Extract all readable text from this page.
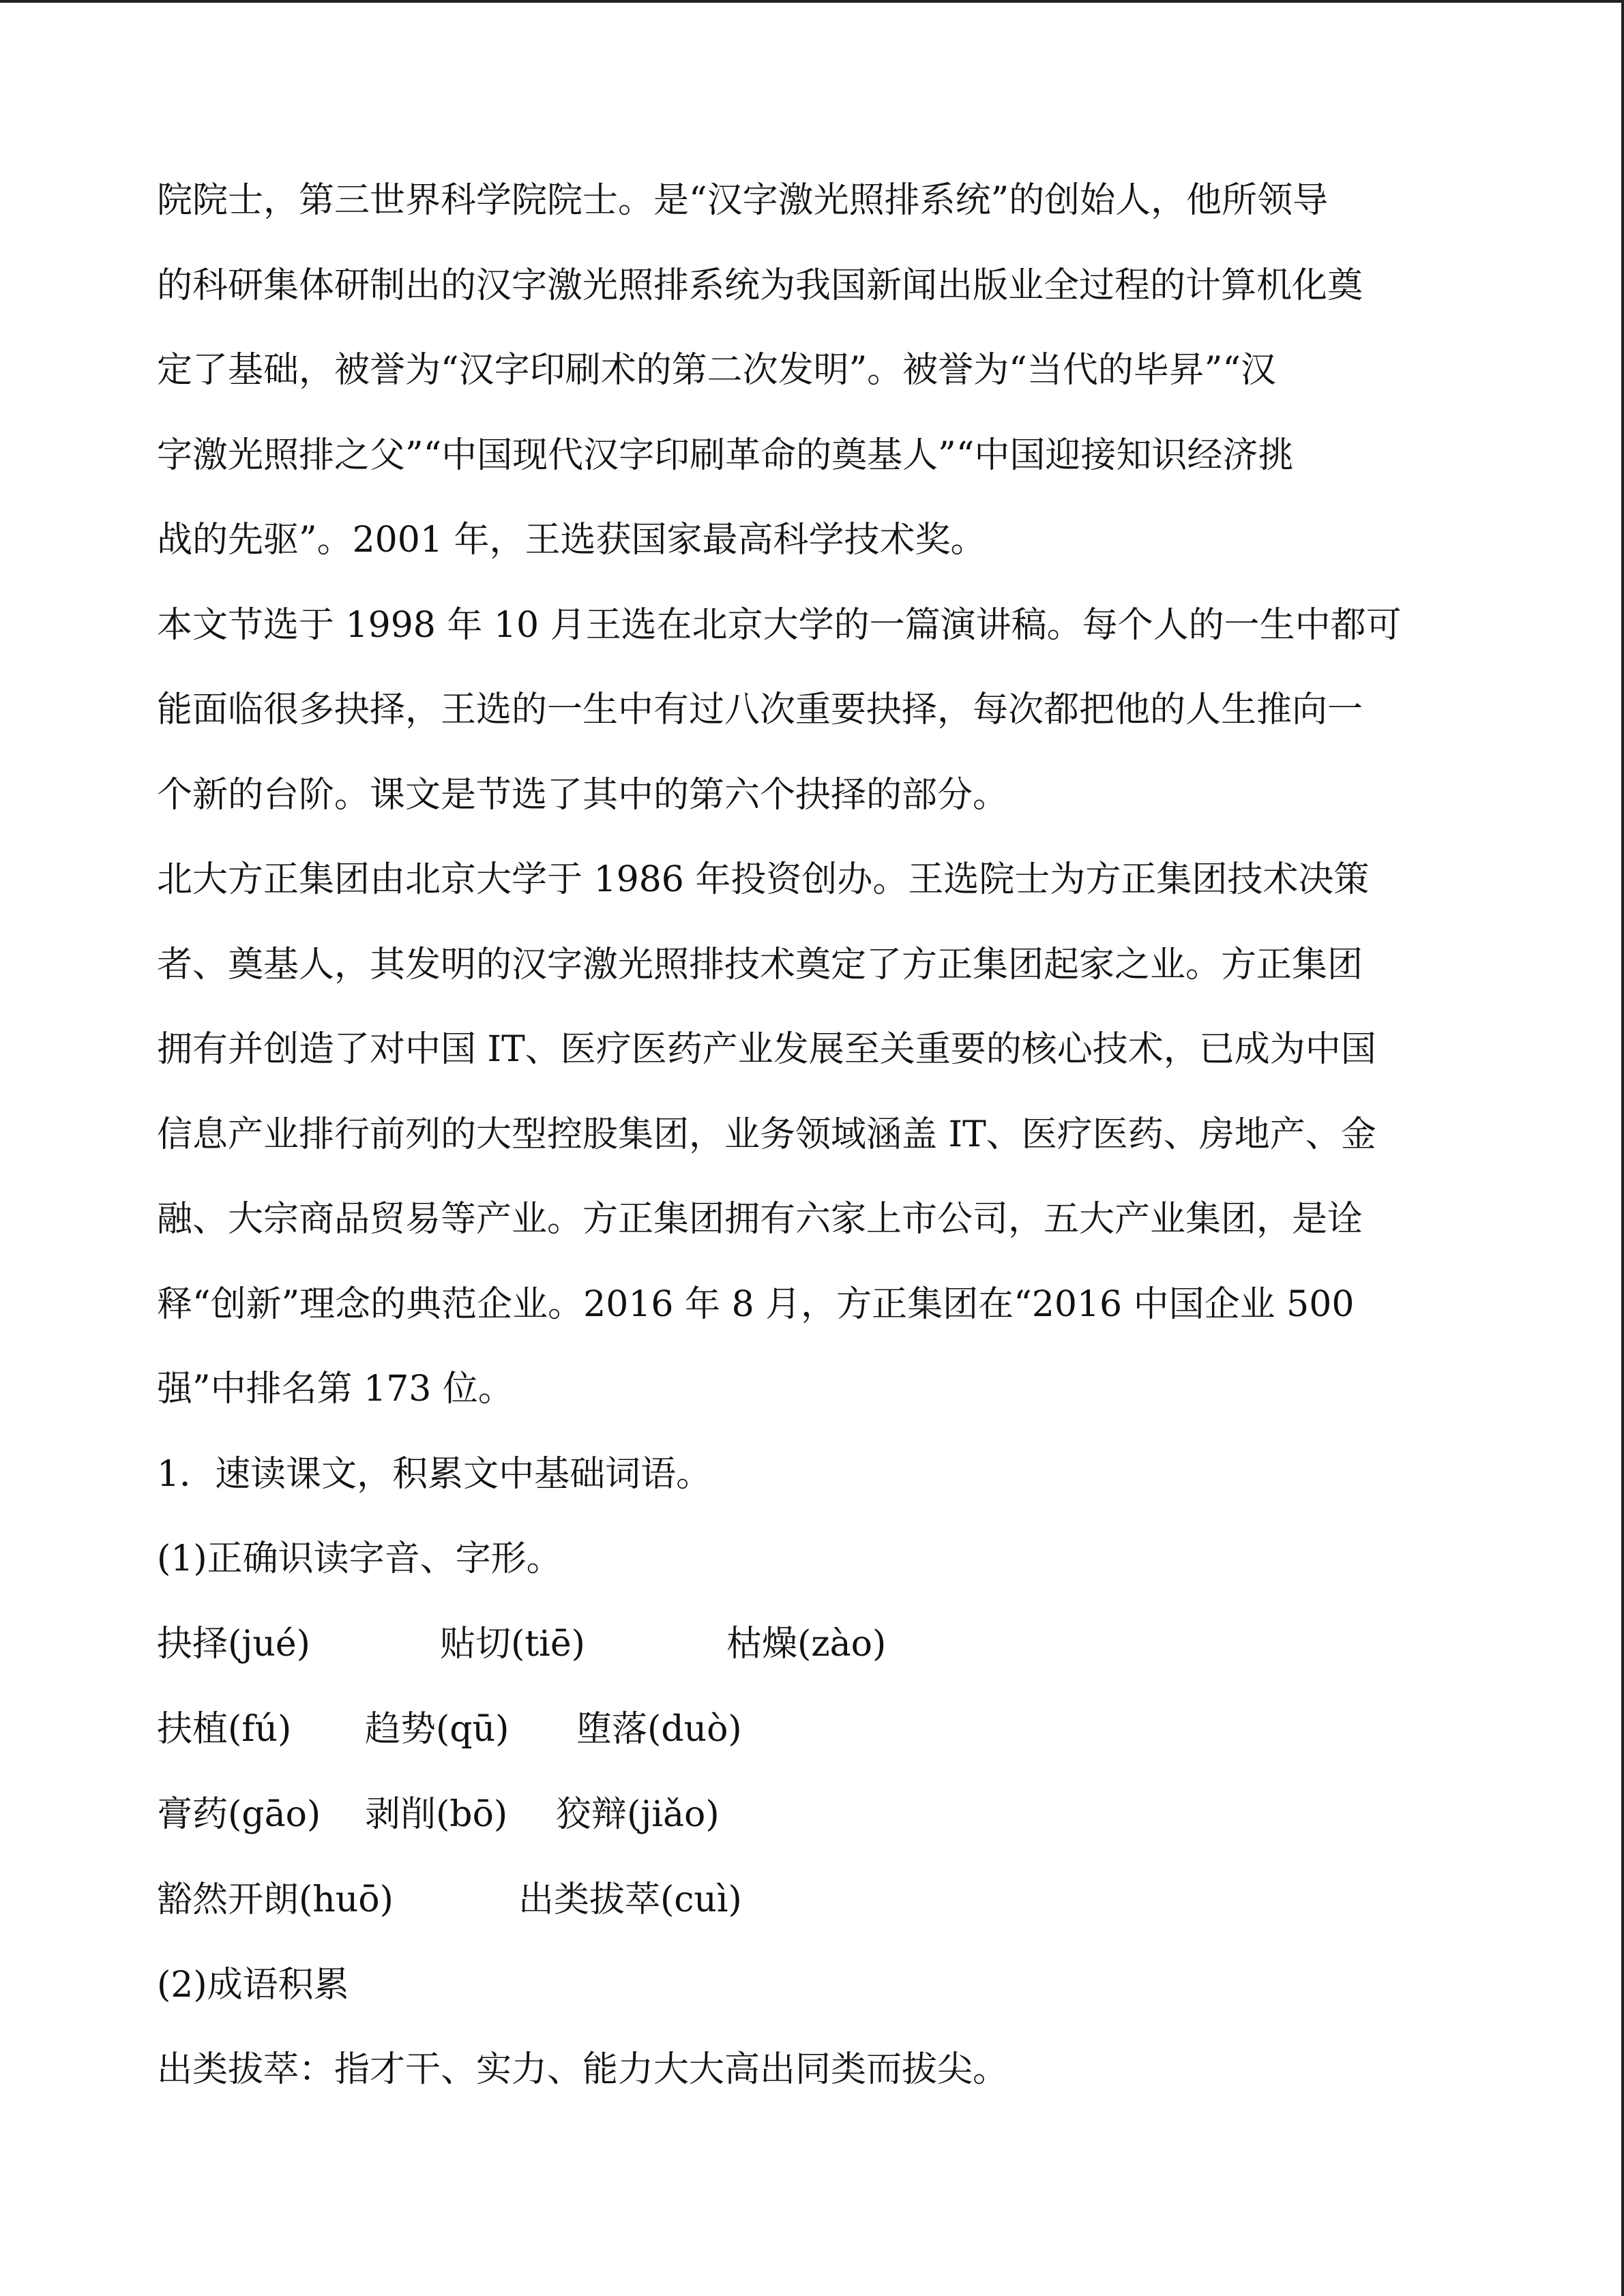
院院士，第三世界科学院院士。是“汉字激光照排系统”的创始人，他所领导
的科研集体研制出的汉字激光照排系统为我国新闻出版业全过程的计算机化奠
定了基础，被誉为“汉字印刷术的第二次发明”。被誉为“当代的毕昇”“汉
字激光照排之父”“中国现代汉字印刷革命的奠基人”“中国迎接知识经济挑
战的先驱”。2001 年，王选获国家最高科学技术奖。
本文节选于 1998 年 10 月王选在北京大学的一篇演讲稿。每个人的一生中都可
能面临很多抉择，王选的一生中有过八次重要抉择，每次都把他的人生推向一
个新的台阶。课文是节选了其中的第六个抉择的部分。
北大方正集团由北京大学于 1986 年投资创办。王选院士为方正集团技术决策
者、奠基人，其发明的汉字激光照排技术奠定了方正集团起家之业。方正集团
拥有并创造了对中国 IT、医疗医药产业发展至关重要的核心技术，已成为中国
信息产业排行前列的大型控股集团，业务领域涵盖 IT、医疗医药、房地产、金
融、大宗商品贸易等产业。方正集团拥有六家上市公司，五大产业集团，是诠
释“创新”理念的典范企业。2016 年 8 月，方正集团在“2016 中国企业 500
强”中排名第 173 位。
1．速读课文，积累文中基础词语。
(1)正确识读字音、字形。
抉择(jué)	贴切(tiē)	枯燥(zào)
扶植(fú) 趋势(qū) 堕落(duò)
膏药(gāo) 剥削(bō) 狡辩(jiǎo)
豁然开朗(huō)	出类拔萃(cuì)
(2)成语积累
出类拔萃：指才干、实力、能力大大高出同类而拔尖。
